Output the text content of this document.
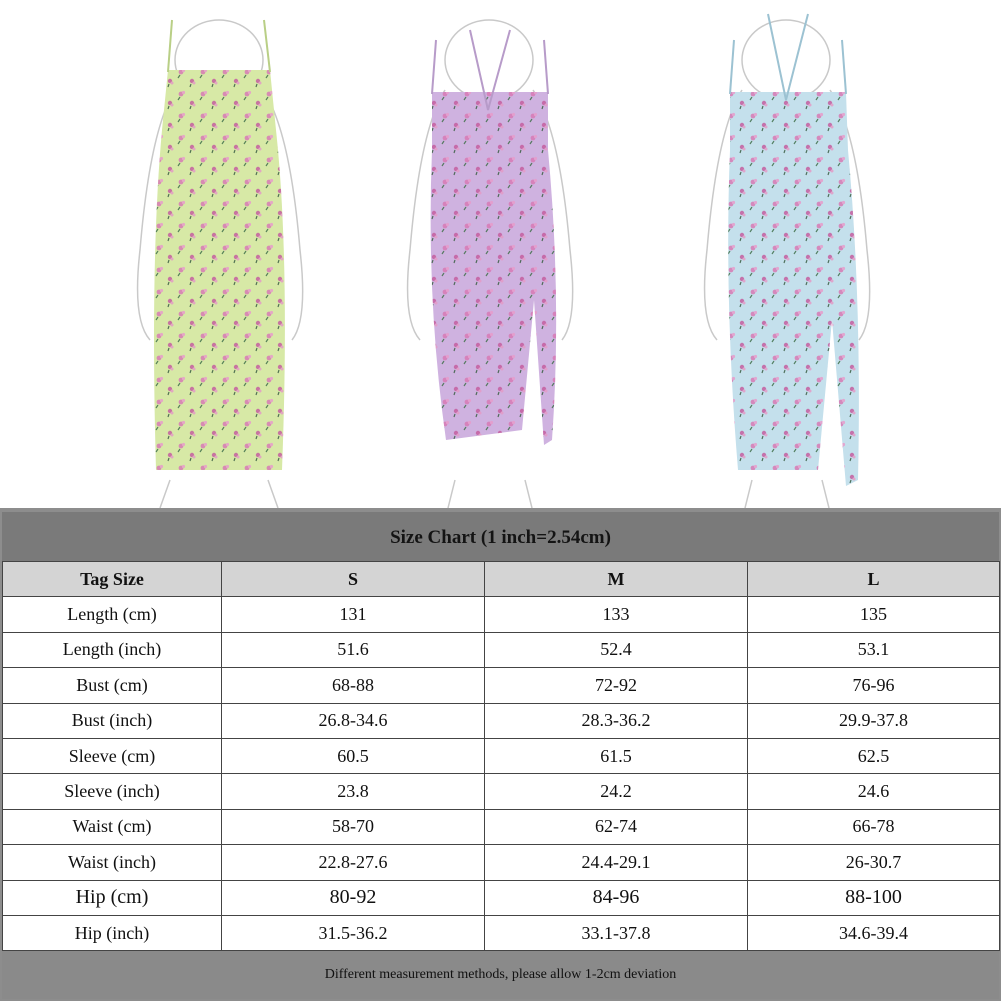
Size Chart (1 inch=2.54cm)
Tag Size	S	M	L
Length (cm)	131	133	135
Length (inch)	51.6	52.4	53.1
Bust (cm)	68-88	72-92	76-96
Bust (inch)	26.8-34.6	28.3-36.2	29.9-37.8
Sleeve (cm)	60.5	61.5	62.5
Sleeve (inch)	23.8	24.2	24.6
Waist (cm)	58-70	62-74	66-78
Waist (inch)	22.8-27.6	24.4-29.1	26-30.7
Hip (cm)	80-92	84-96	88-100
Hip (inch)	31.5-36.2	33.1-37.8	34.6-39.4
Different measurement methods, please allow 1-2cm deviation
